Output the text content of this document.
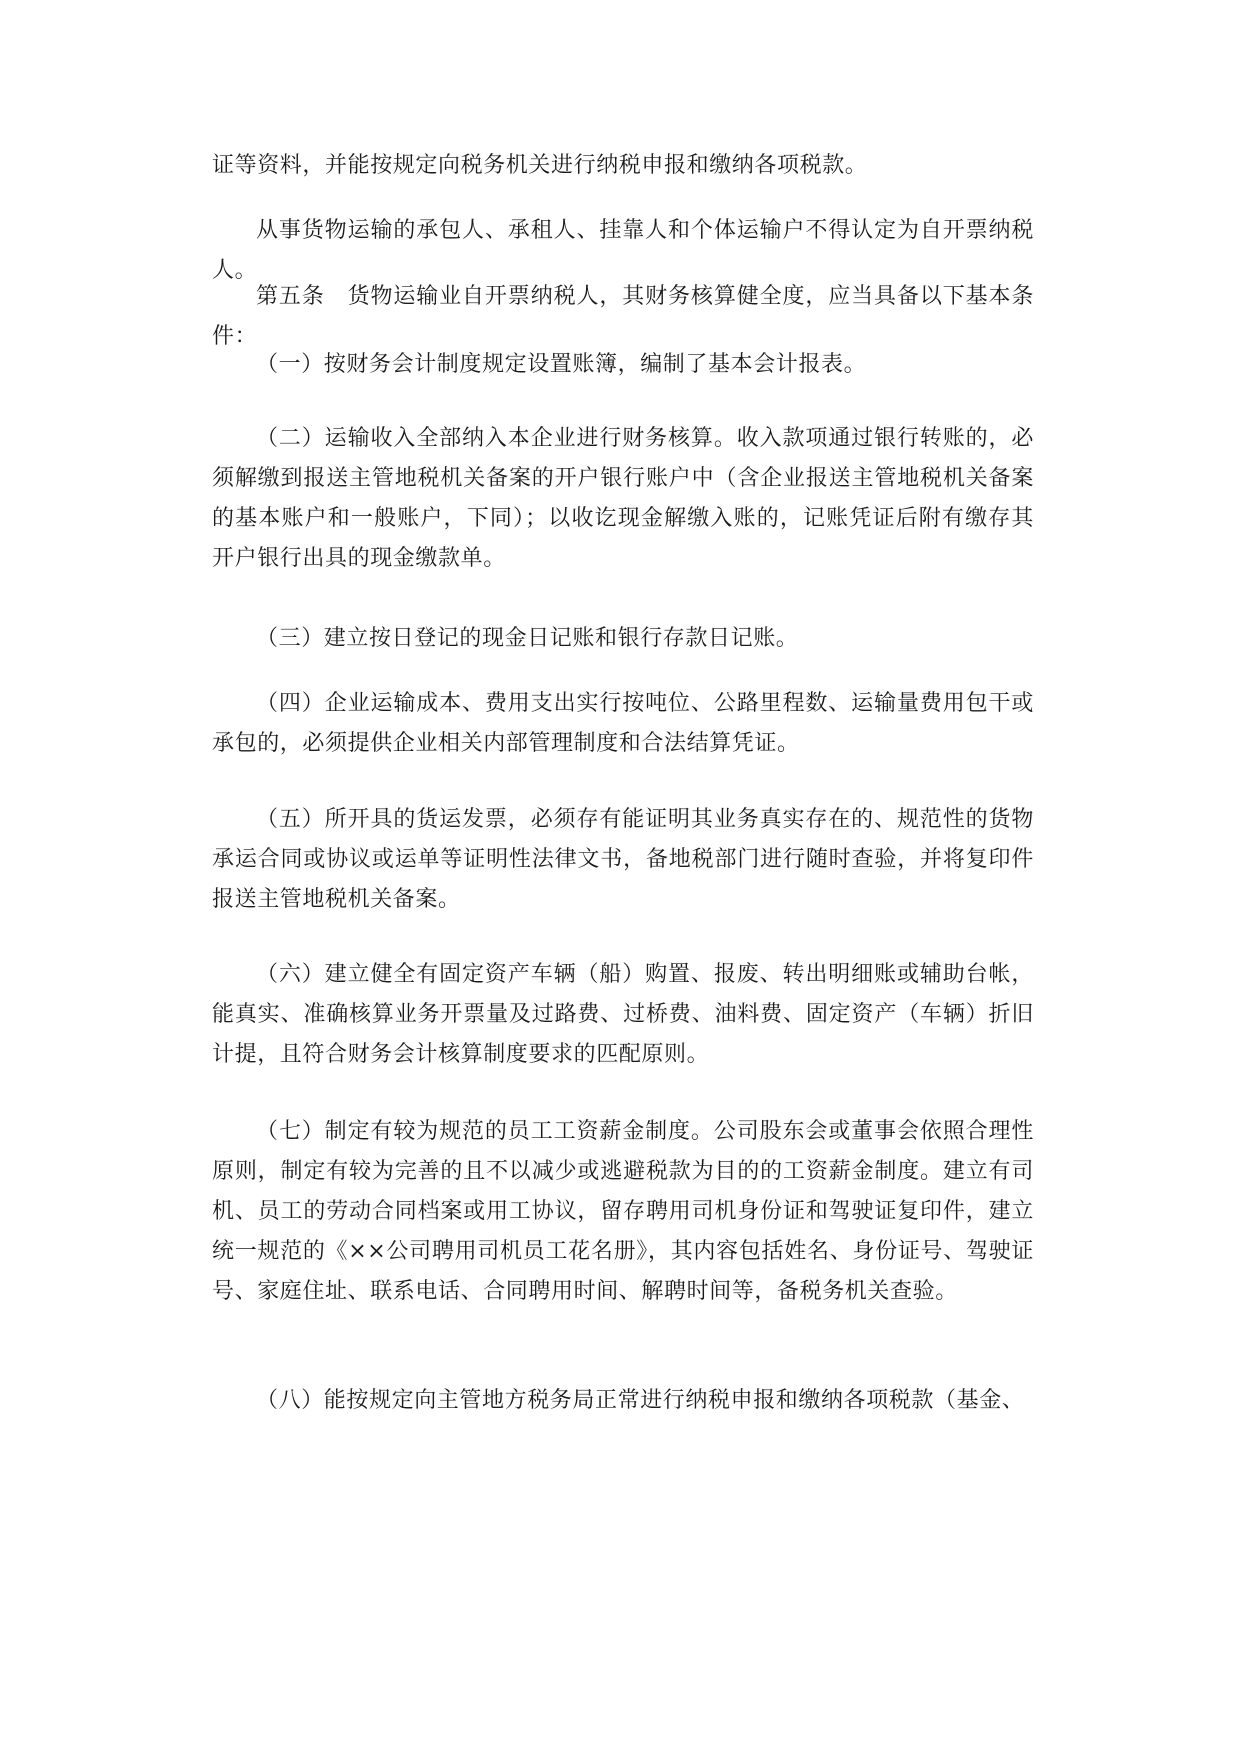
证等资料，并能按规定向税务机关进行纳税申报和缴纳各项税款。

从事货物运输的承包人、承租人、挂靠人和个体运输户不得认定为自开票纳税人。

第五条　货物运输业自开票纳税人，其财务核算健全度，应当具备以下基本条件：

（一）按财务会计制度规定设置账簿，编制了基本会计报表。

（二）运输收入全部纳入本企业进行财务核算。收入款项通过银行转账的，必须解缴到报送主管地税机关备案的开户银行账户中（含企业报送主管地税机关备案的基本账户和一般账户，下同）；以收讫现金解缴入账的，记账凭证后附有缴存其开户银行出具的现金缴款单。

（三）建立按日登记的现金日记账和银行存款日记账。

（四）企业运输成本、费用支出实行按吨位、公路里程数、运输量费用包干或承包的，必须提供企业相关内部管理制度和合法结算凭证。

（五）所开具的货运发票，必须存有能证明其业务真实存在的、规范性的货物承运合同或协议或运单等证明性法律文书，备地税部门进行随时查验，并将复印件报送主管地税机关备案。

（六）建立健全有固定资产车辆（船）购置、报废、转出明细账或辅助台帐，能真实、准确核算业务开票量及过路费、过桥费、油料费、固定资产（车辆）折旧计提，且符合财务会计核算制度要求的匹配原则。

（七）制定有较为规范的员工工资薪金制度。公司股东会或董事会依照合理性原则，制定有较为完善的且不以减少或逃避税款为目的的工资薪金制度。建立有司机、员工的劳动合同档案或用工协议，留存聘用司机身份证和驾驶证复印件，建立统一规范的《××公司聘用司机员工花名册》，其内容包括姓名、身份证号、驾驶证号、家庭住址、联系电话、合同聘用时间、解聘时间等，备税务机关查验。

（八）能按规定向主管地方税务局正常进行纳税申报和缴纳各项税款（基金、
